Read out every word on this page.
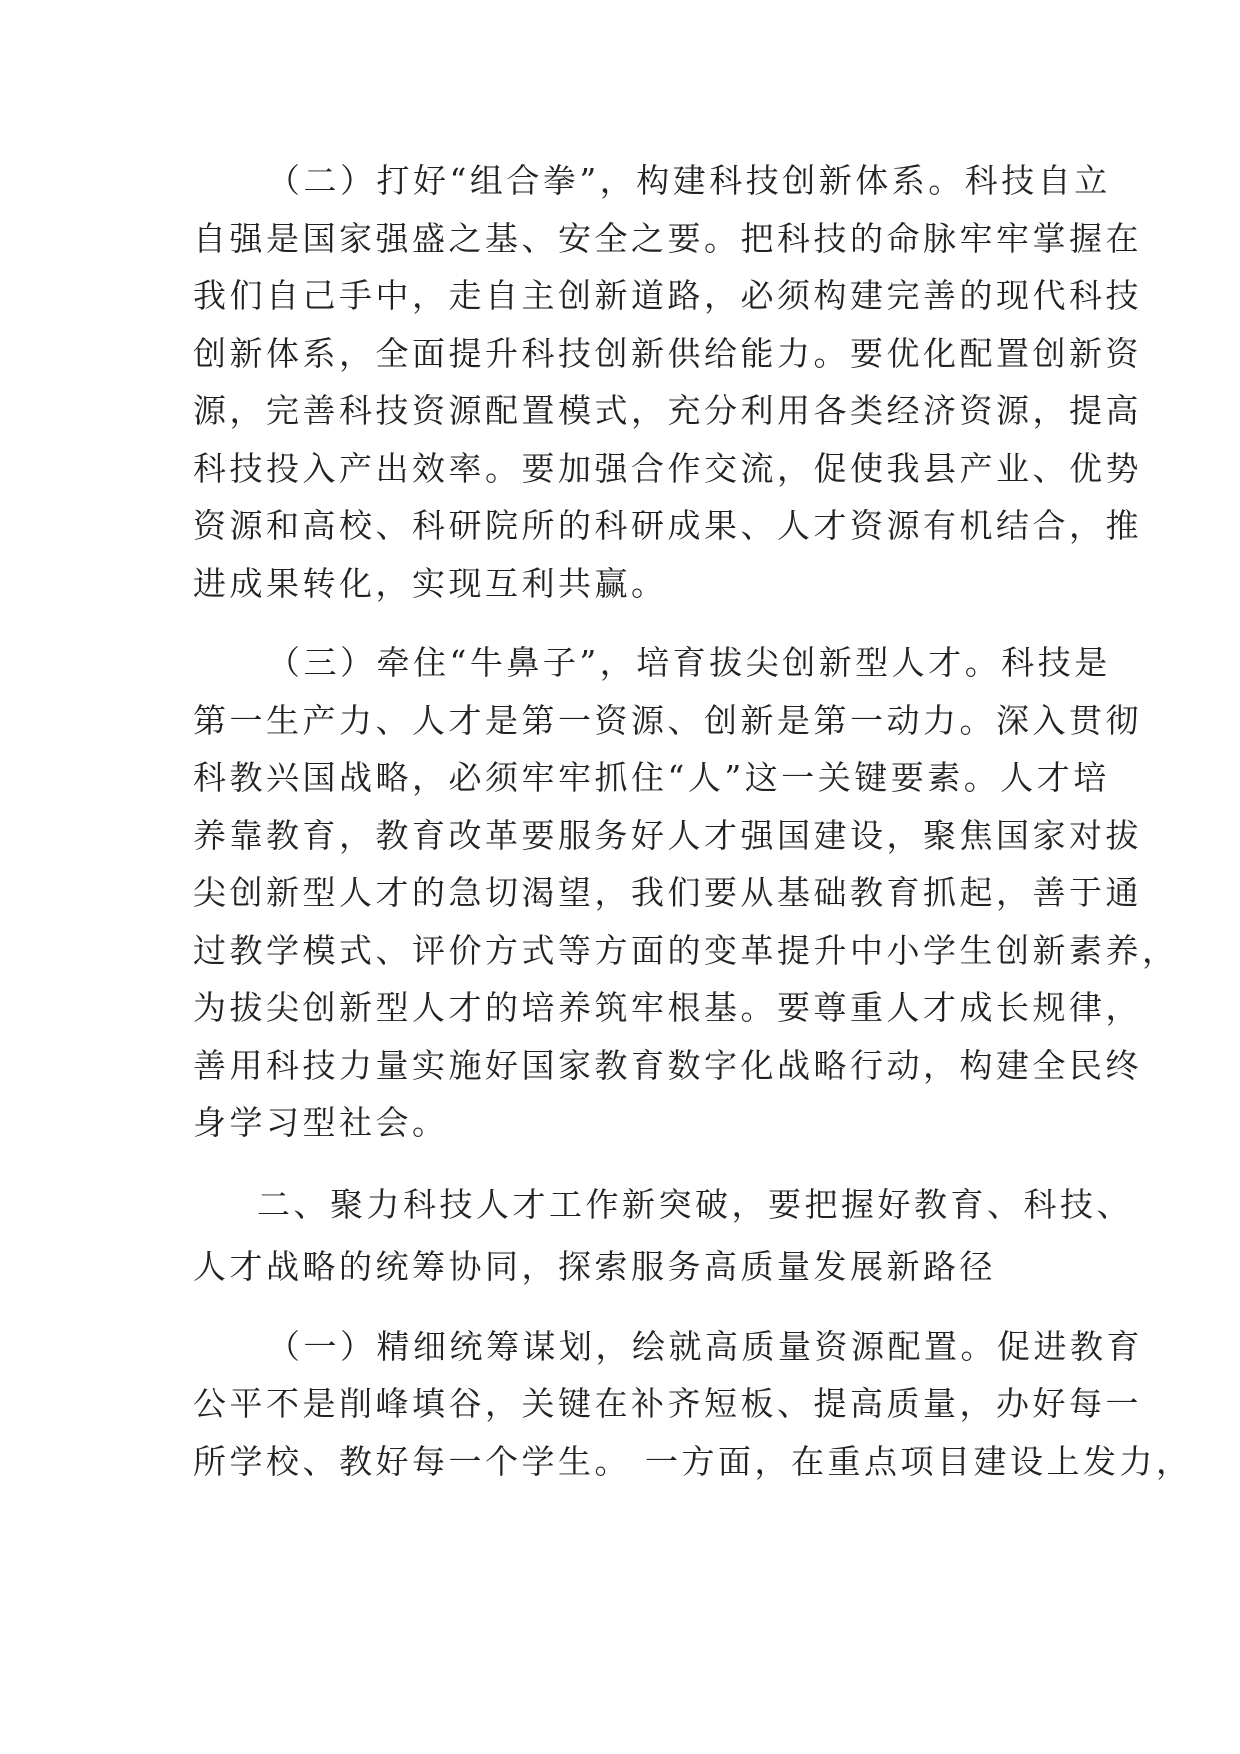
（二）打好“组合拳”，构建科技创新体系。科技自立
自强是国家强盛之基、安全之要。把科技的命脉牢牢掌握在
我们自己手中，走自主创新道路，必须构建完善的现代科技
创新体系，全面提升科技创新供给能力。要优化配置创新资
源，完善科技资源配置模式，充分利用各类经济资源，提高
科技投入产出效率。要加强合作交流，促使我县产业、优势
资源和高校、科研院所的科研成果、人才资源有机结合，推
进成果转化，实现互利共赢。
（三）牵住“牛鼻子”，培育拔尖创新型人才。科技是
第一生产力、人才是第一资源、创新是第一动力。深入贯彻
科教兴国战略，必须牢牢抓住“人”这一关键要素。人才培
养靠教育，教育改革要服务好人才强国建设，聚焦国家对拔
尖创新型人才的急切渴望，我们要从基础教育抓起，善于通
过教学模式、评价方式等方面的变革提升中小学生创新素养，
为拔尖创新型人才的培养筑牢根基。要尊重人才成长规律，
善用科技力量实施好国家教育数字化战略行动，构建全民终
身学习型社会。
二、聚力科技人才工作新突破，要把握好教育、科技、
人才战略的统筹协同，探索服务高质量发展新路径
（一）精细统筹谋划，绘就高质量资源配置。促进教育
公平不是削峰填谷，关键在补齐短板、提高质量，办好每一
所学校、教好每一个学生。 一方面，在重点项目建设上发力，
